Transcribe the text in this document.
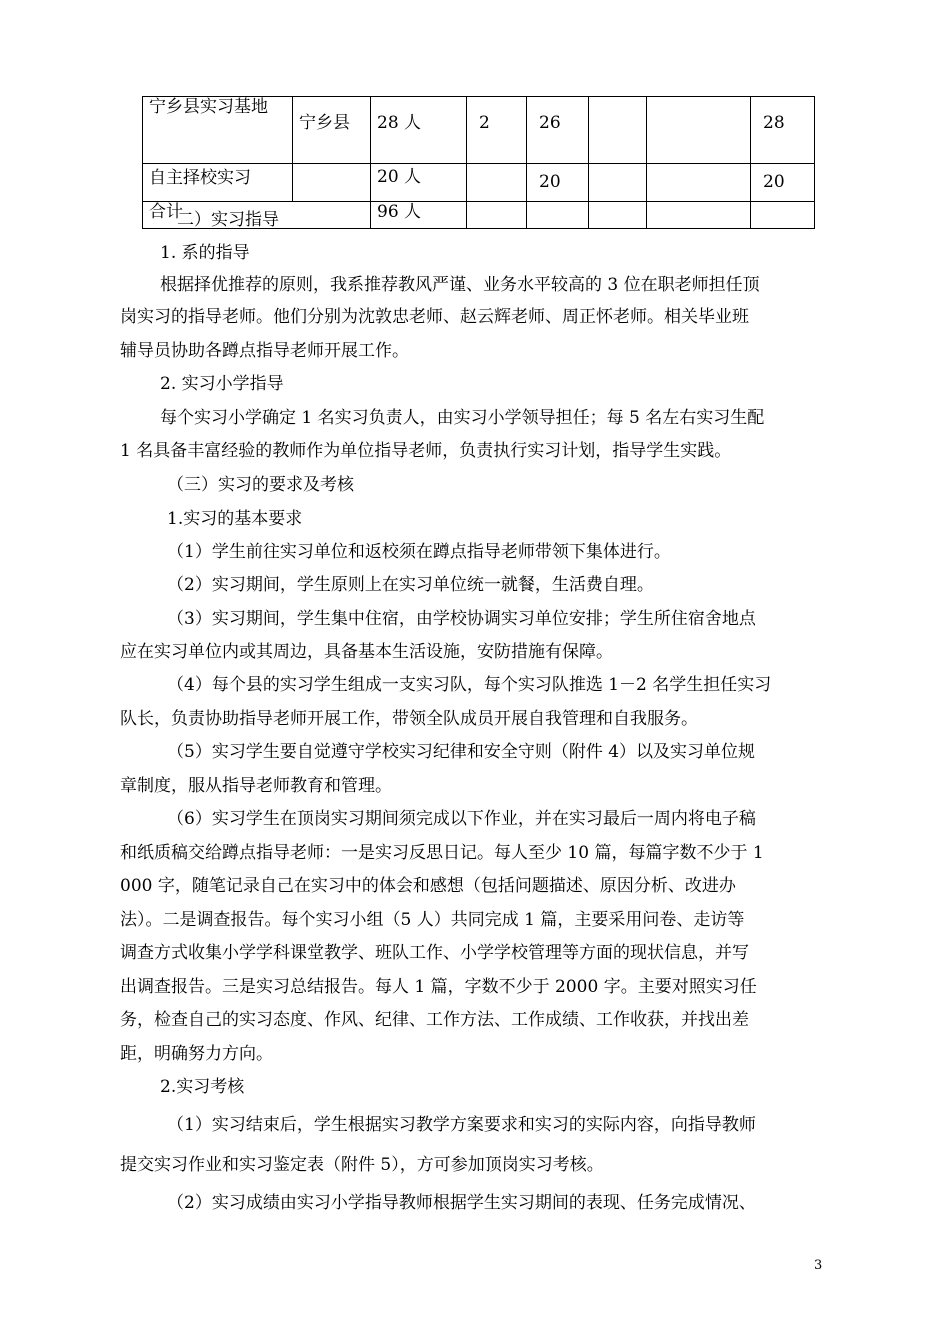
宁乡县实习基地	宁乡县	28 人	2	26			28
自主择校实习		20 人		20			20
合计		96 人					
二）实习指导
1. 系的指导
根据择优推荐的原则，我系推荐教风严谨、业务水平较高的 3 位在职老师担任顶
岗实习的指导老师。他们分别为沈敦忠老师、赵云辉老师、周正怀老师。相关毕业班
辅导员协助各蹲点指导老师开展工作。
2. 实习小学指导
每个实习小学确定 1 名实习负责人，由实习小学领导担任；每 5 名左右实习生配
1 名具备丰富经验的教师作为单位指导老师，负责执行实习计划，指导学生实践。
（三）实习的要求及考核
1.实习的基本要求
（1）学生前往实习单位和返校须在蹲点指导老师带领下集体进行。
（2）实习期间，学生原则上在实习单位统一就餐，生活费自理。
（3）实习期间，学生集中住宿，由学校协调实习单位安排；学生所住宿舍地点
应在实习单位内或其周边，具备基本生活设施，安防措施有保障。
（4）每个县的实习学生组成一支实习队，每个实习队推选 1－2 名学生担任实习
队长，负责协助指导老师开展工作，带领全队成员开展自我管理和自我服务。
（5）实习学生要自觉遵守学校实习纪律和安全守则（附件 4）以及实习单位规
章制度，服从指导老师教育和管理。
（6）实习学生在顶岗实习期间须完成以下作业，并在实习最后一周内将电子稿
和纸质稿交给蹲点指导老师：一是实习反思日记。每人至少 10 篇，每篇字数不少于 1
000 字，随笔记录自己在实习中的体会和感想（包括问题描述、原因分析、改进办
法）。二是调查报告。每个实习小组（5 人）共同完成 1 篇，主要采用问卷、走访等
调查方式收集小学学科课堂教学、班队工作、小学学校管理等方面的现状信息，并写
出调查报告。三是实习总结报告。每人 1 篇，字数不少于 2000 字。主要对照实习任
务，检查自己的实习态度、作风、纪律、工作方法、工作成绩、工作收获，并找出差
距，明确努力方向。
2.实习考核
（1）实习结束后，学生根据实习教学方案要求和实习的实际内容，向指导教师
提交实习作业和实习鉴定表（附件 5），方可参加顶岗实习考核。
（2）实习成绩由实习小学指导教师根据学生实习期间的表现、任务完成情况、
3
